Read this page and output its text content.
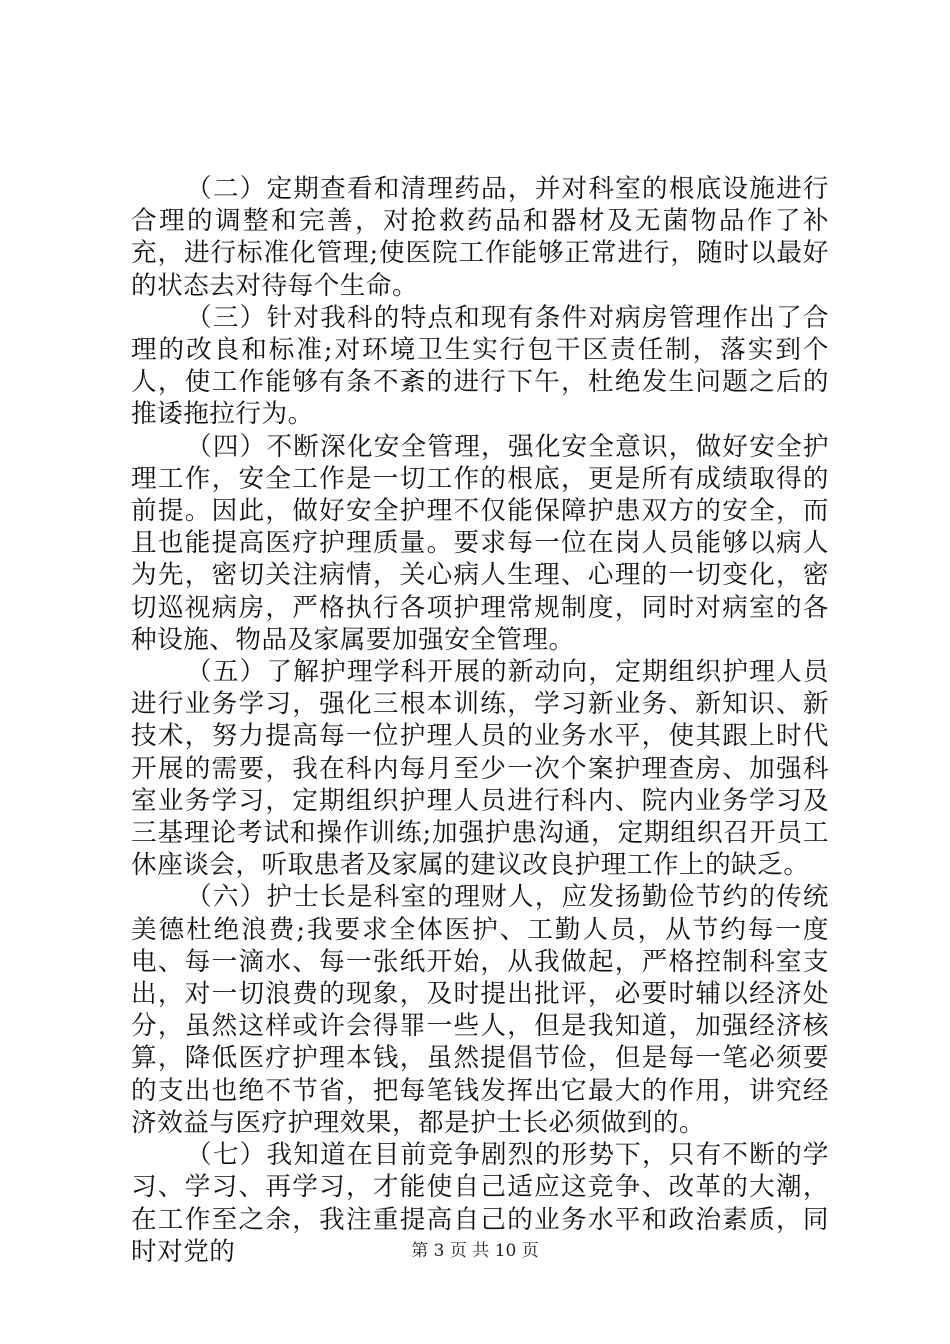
（二）定期查看和清理药品，并对科室的根底设施进行合理的调整和完善，对抢救药品和器材及无菌物品作了补充，进行标准化管理;使医院工作能够正常进行，随时以最好的状态去对待每个生命。

（三）针对我科的特点和现有条件对病房管理作出了合理的改良和标准;对环境卫生实行包干区责任制，落实到个人，使工作能够有条不紊的进行下午，杜绝发生问题之后的推诿拖拉行为。

（四）不断深化安全管理，强化安全意识，做好安全护理工作，安全工作是一切工作的根底，更是所有成绩取得的前提。因此，做好安全护理不仅能保障护患双方的安全，而且也能提高医疗护理质量。要求每一位在岗人员能够以病人为先，密切关注病情，关心病人生理、心理的一切变化，密切巡视病房，严格执行各项护理常规制度，同时对病室的各种设施、物品及家属要加强安全管理。

（五）了解护理学科开展的新动向，定期组织护理人员进行业务学习，强化三根本训练，学习新业务、新知识、新技术，努力提高每一位护理人员的业务水平，使其跟上时代开展的需要，我在科内每月至少一次个案护理查房、加强科室业务学习，定期组织护理人员进行科内、院内业务学习及三基理论考试和操作训练;加强护患沟通，定期组织召开员工休座谈会，听取患者及家属的建议改良护理工作上的缺乏。

（六）护士长是科室的理财人，应发扬勤俭节约的传统美德杜绝浪费;我要求全体医护、工勤人员，从节约每一度电、每一滴水、每一张纸开始，从我做起，严格控制科室支出，对一切浪费的现象，及时提出批评，必要时辅以经济处分，虽然这样或许会得罪一些人，但是我知道，加强经济核算，降低医疗护理本钱，虽然提倡节俭，但是每一笔必须要的支出也绝不节省，把每笔钱发挥出它最大的作用，讲究经济效益与医疗护理效果，都是护士长必须做到的。

（七）我知道在目前竞争剧烈的形势下，只有不断的学习、学习、再学习，才能使自己适应这竞争、改革的大潮，在工作至之余，我注重提高自己的业务水平和政治素质，同时对党的	第 3 页 共 10 页
